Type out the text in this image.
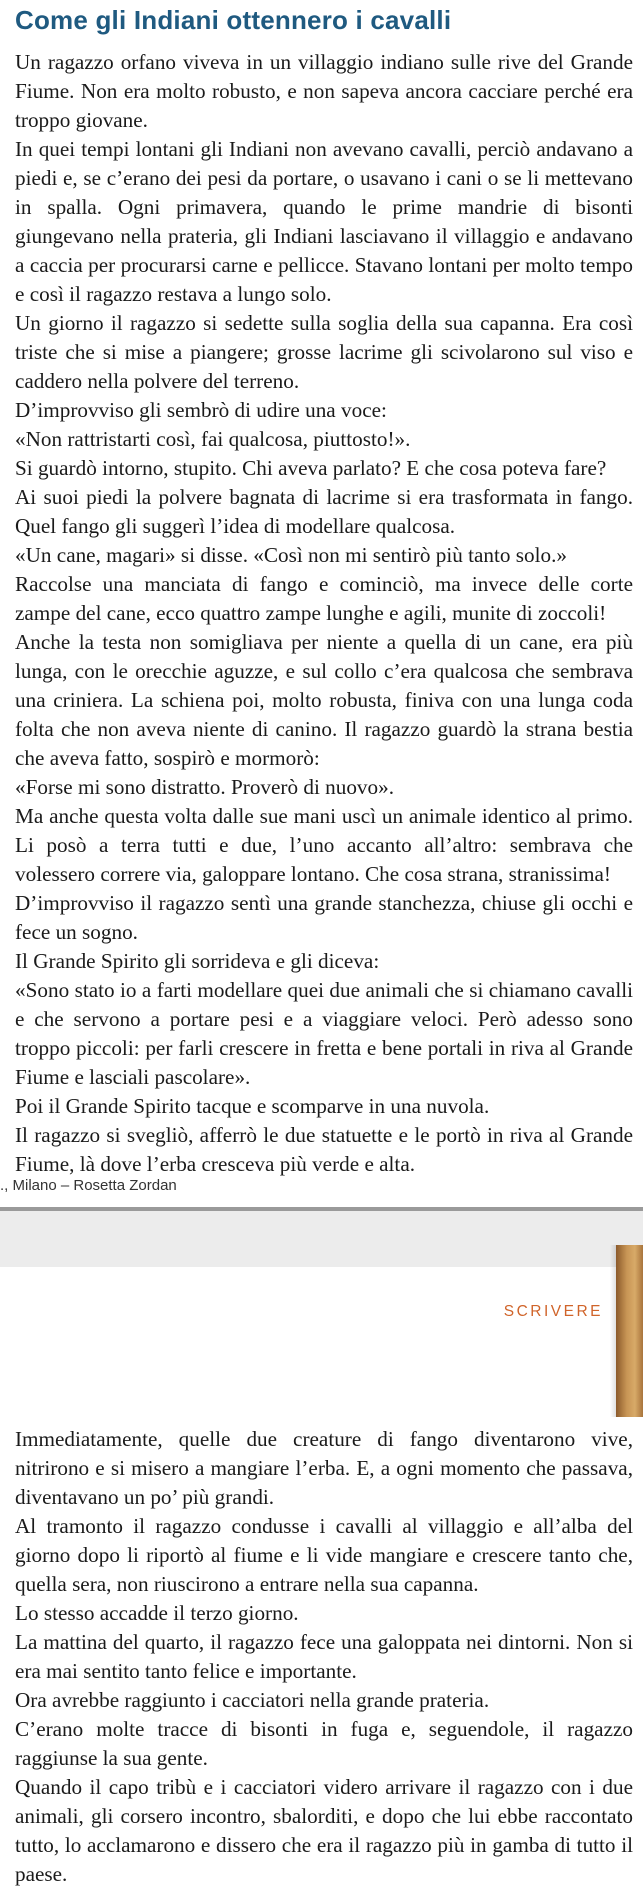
Come gli Indiani ottennero i cavalli

Un ragazzo orfano viveva in un villaggio indiano sulle rive del Grande Fiume. Non era molto robusto, e non sapeva ancora cacciare perché era troppo giovane.

In quei tempi lontani gli Indiani non avevano cavalli, perciò andavano a piedi e, se c’erano dei pesi da portare, o usavano i cani o se li mettevano in spalla. Ogni primavera, quando le prime mandrie di bisonti giungevano nella prateria, gli Indiani lasciavano il villaggio e andavano a caccia per procurarsi carne e pellicce. Stavano lontani per molto tempo e così il ragazzo restava a lungo solo.

Un giorno il ragazzo si sedette sulla soglia della sua capanna. Era così triste che si mise a piangere; grosse lacrime gli scivolarono sul viso e caddero nella polvere del terreno.

D’improvviso gli sembrò di udire una voce:

«Non rattristarti così, fai qualcosa, piuttosto!».

Si guardò intorno, stupito. Chi aveva parlato? E che cosa poteva fare?

Ai suoi piedi la polvere bagnata di lacrime si era trasformata in fango. Quel fango gli suggerì l’idea di modellare qualcosa.

«Un cane, magari» si disse. «Così non mi sentirò più tanto solo.»

Raccolse una manciata di fango e cominciò, ma invece delle corte zampe del cane, ecco quattro zampe lunghe e agili, munite di zoccoli!

Anche la testa non somigliava per niente a quella di un cane, era più lunga, con le orecchie aguzze, e sul collo c’era qualcosa che sembrava una criniera. La schiena poi, molto robusta, finiva con una lunga coda folta che non aveva niente di canino. Il ragazzo guardò la strana bestia che aveva fatto, sospirò e mormorò:

«Forse mi sono distratto. Proverò di nuovo».

Ma anche questa volta dalle sue mani uscì un animale identico al primo. Li posò a terra tutti e due, l’uno accanto all’altro: sembrava che volessero correre via, galoppare lontano. Che cosa strana, stranissima!

D’improvviso il ragazzo sentì una grande stanchezza, chiuse gli occhi e fece un sogno.

Il Grande Spirito gli sorrideva e gli diceva:

«Sono stato io a farti modellare quei due animali che si chiamano cavalli e che servono a portare pesi e a viaggiare veloci. Però adesso sono troppo piccoli: per farli crescere in fretta e bene portali in riva al Grande Fiume e lasciali pascolare».

Poi il Grande Spirito tacque e scomparve in una nuvola.

Il ragazzo si svegliò, afferrò le due statuette e le portò in riva al Grande Fiume, là dove l’erba cresceva più verde e alta.

., Milano – Rosetta Zordan
SCRIVERE

Immediatamente, quelle due creature di fango diventarono vive, nitrirono e si misero a mangiare l’erba. E, a ogni momento che passava, diventavano un po’ più grandi.

Al tramonto il ragazzo condusse i cavalli al villaggio e all’alba del giorno dopo li riportò al fiume e li vide mangiare e crescere tanto che, quella sera, non riuscirono a entrare nella sua capanna.

Lo stesso accadde il terzo giorno.

La mattina del quarto, il ragazzo fece una galoppata nei dintorni. Non si era mai sentito tanto felice e importante.

Ora avrebbe raggiunto i cacciatori nella grande prateria.

C’erano molte tracce di bisonti in fuga e, seguendole, il ragazzo raggiunse la sua gente.

Quando il capo tribù e i cacciatori videro arrivare il ragazzo con i due animali, gli corsero incontro, sbalorditi, e dopo che lui ebbe raccontato tutto, lo acclamarono e dissero che era il ragazzo più in gamba di tutto il paese.
